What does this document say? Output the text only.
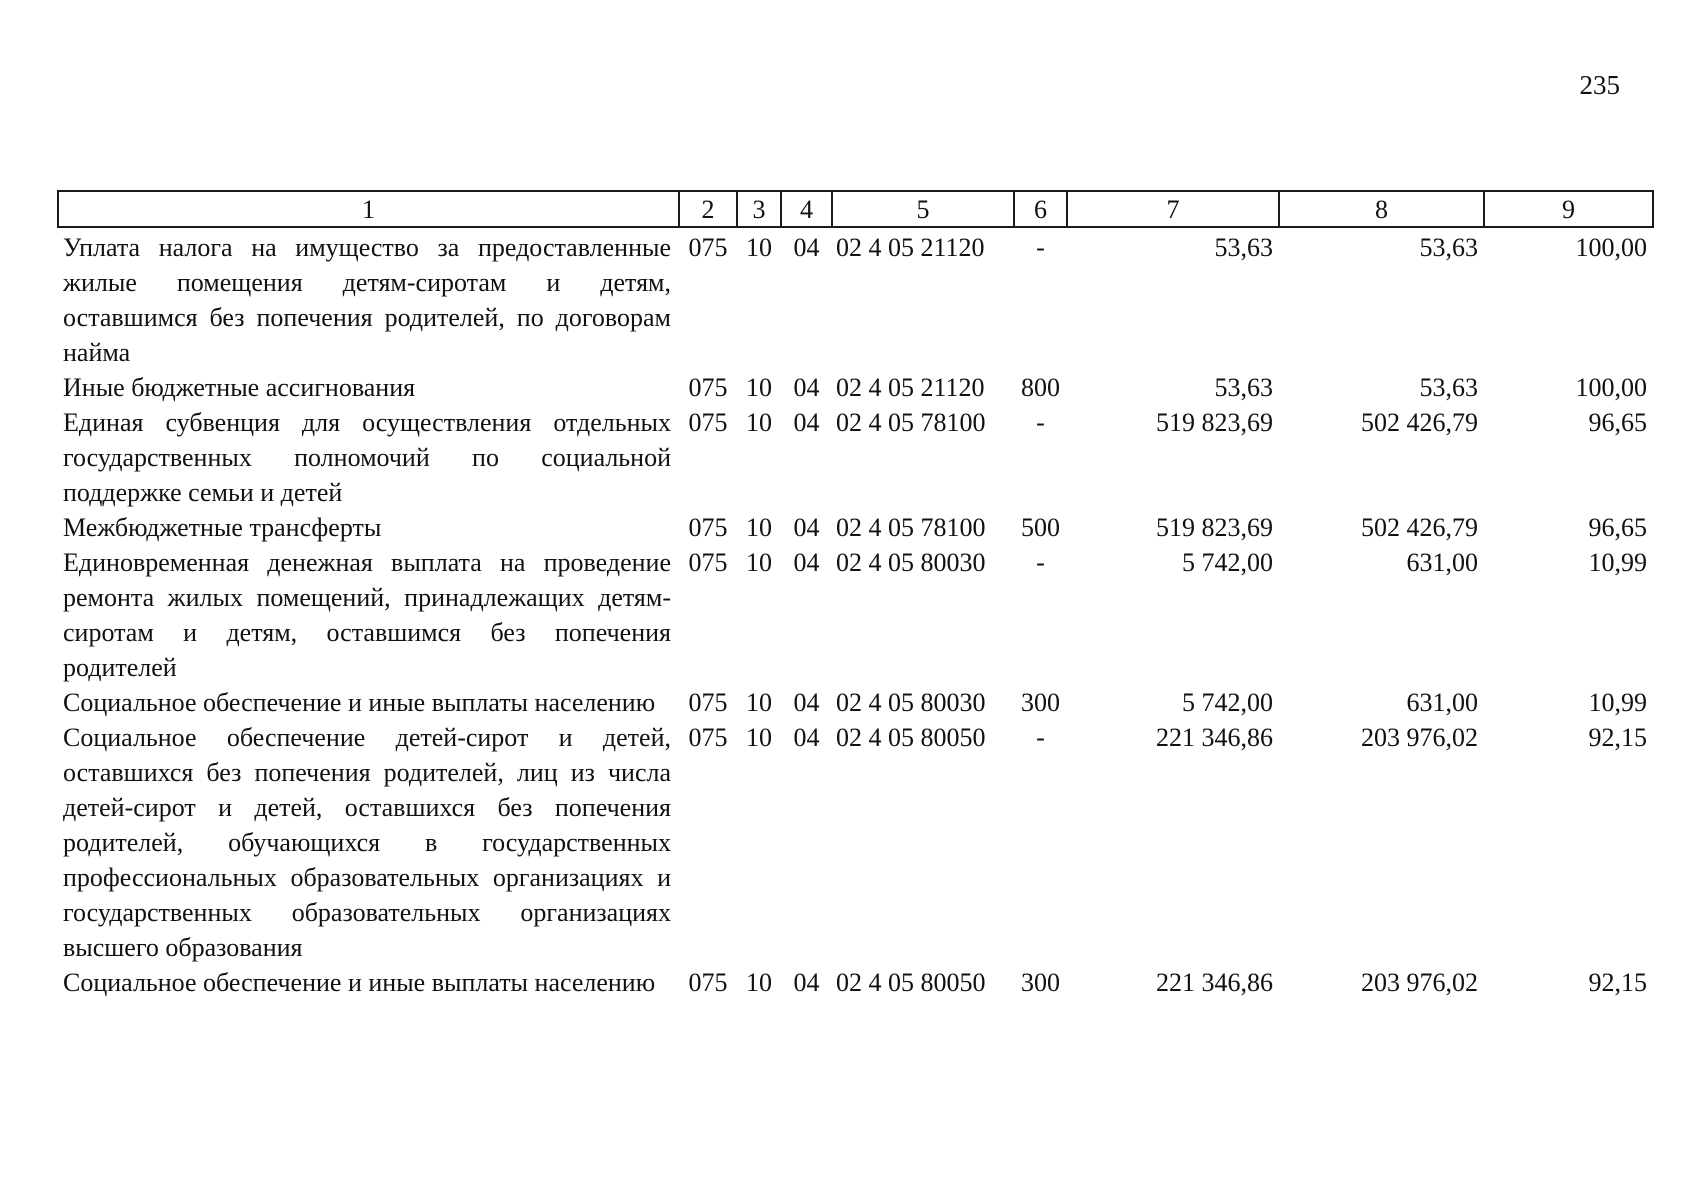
235
1	2	3	4	5	6	7	8	9
Уплата налога на имущество за предоставленные жилые помещения детям-сиротам и детям, оставшимся без попечения родителей, по договорам найма	075	10	04	02 4 05 21120	-	53,63	53,63	100,00
Иные бюджетные ассигнования	075	10	04	02 4 05 21120	800	53,63	53,63	100,00
Единая субвенция для осуществления отдельных государственных полномочий по социальной поддержке семьи и детей	075	10	04	02 4 05 78100	-	519 823,69	502 426,79	96,65
Межбюджетные трансферты	075	10	04	02 4 05 78100	500	519 823,69	502 426,79	96,65
Единовременная денежная выплата на проведение ремонта жилых помещений, принадлежащих детям-сиротам и детям, оставшимся без попечения родителей	075	10	04	02 4 05 80030	-	5 742,00	631,00	10,99
Социальное обеспечение и иные выплаты населению	075	10	04	02 4 05 80030	300	5 742,00	631,00	10,99
Социальное обеспечение детей-сирот и детей, оставшихся без попечения родителей, лиц из числа детей-сирот и детей, оставшихся без попечения родителей, обучающихся в государственных профессиональных образовательных организациях и государственных образовательных организациях высшего образования	075	10	04	02 4 05 80050	-	221 346,86	203 976,02	92,15
Социальное обеспечение и иные выплаты населению	075	10	04	02 4 05 80050	300	221 346,86	203 976,02	92,15
